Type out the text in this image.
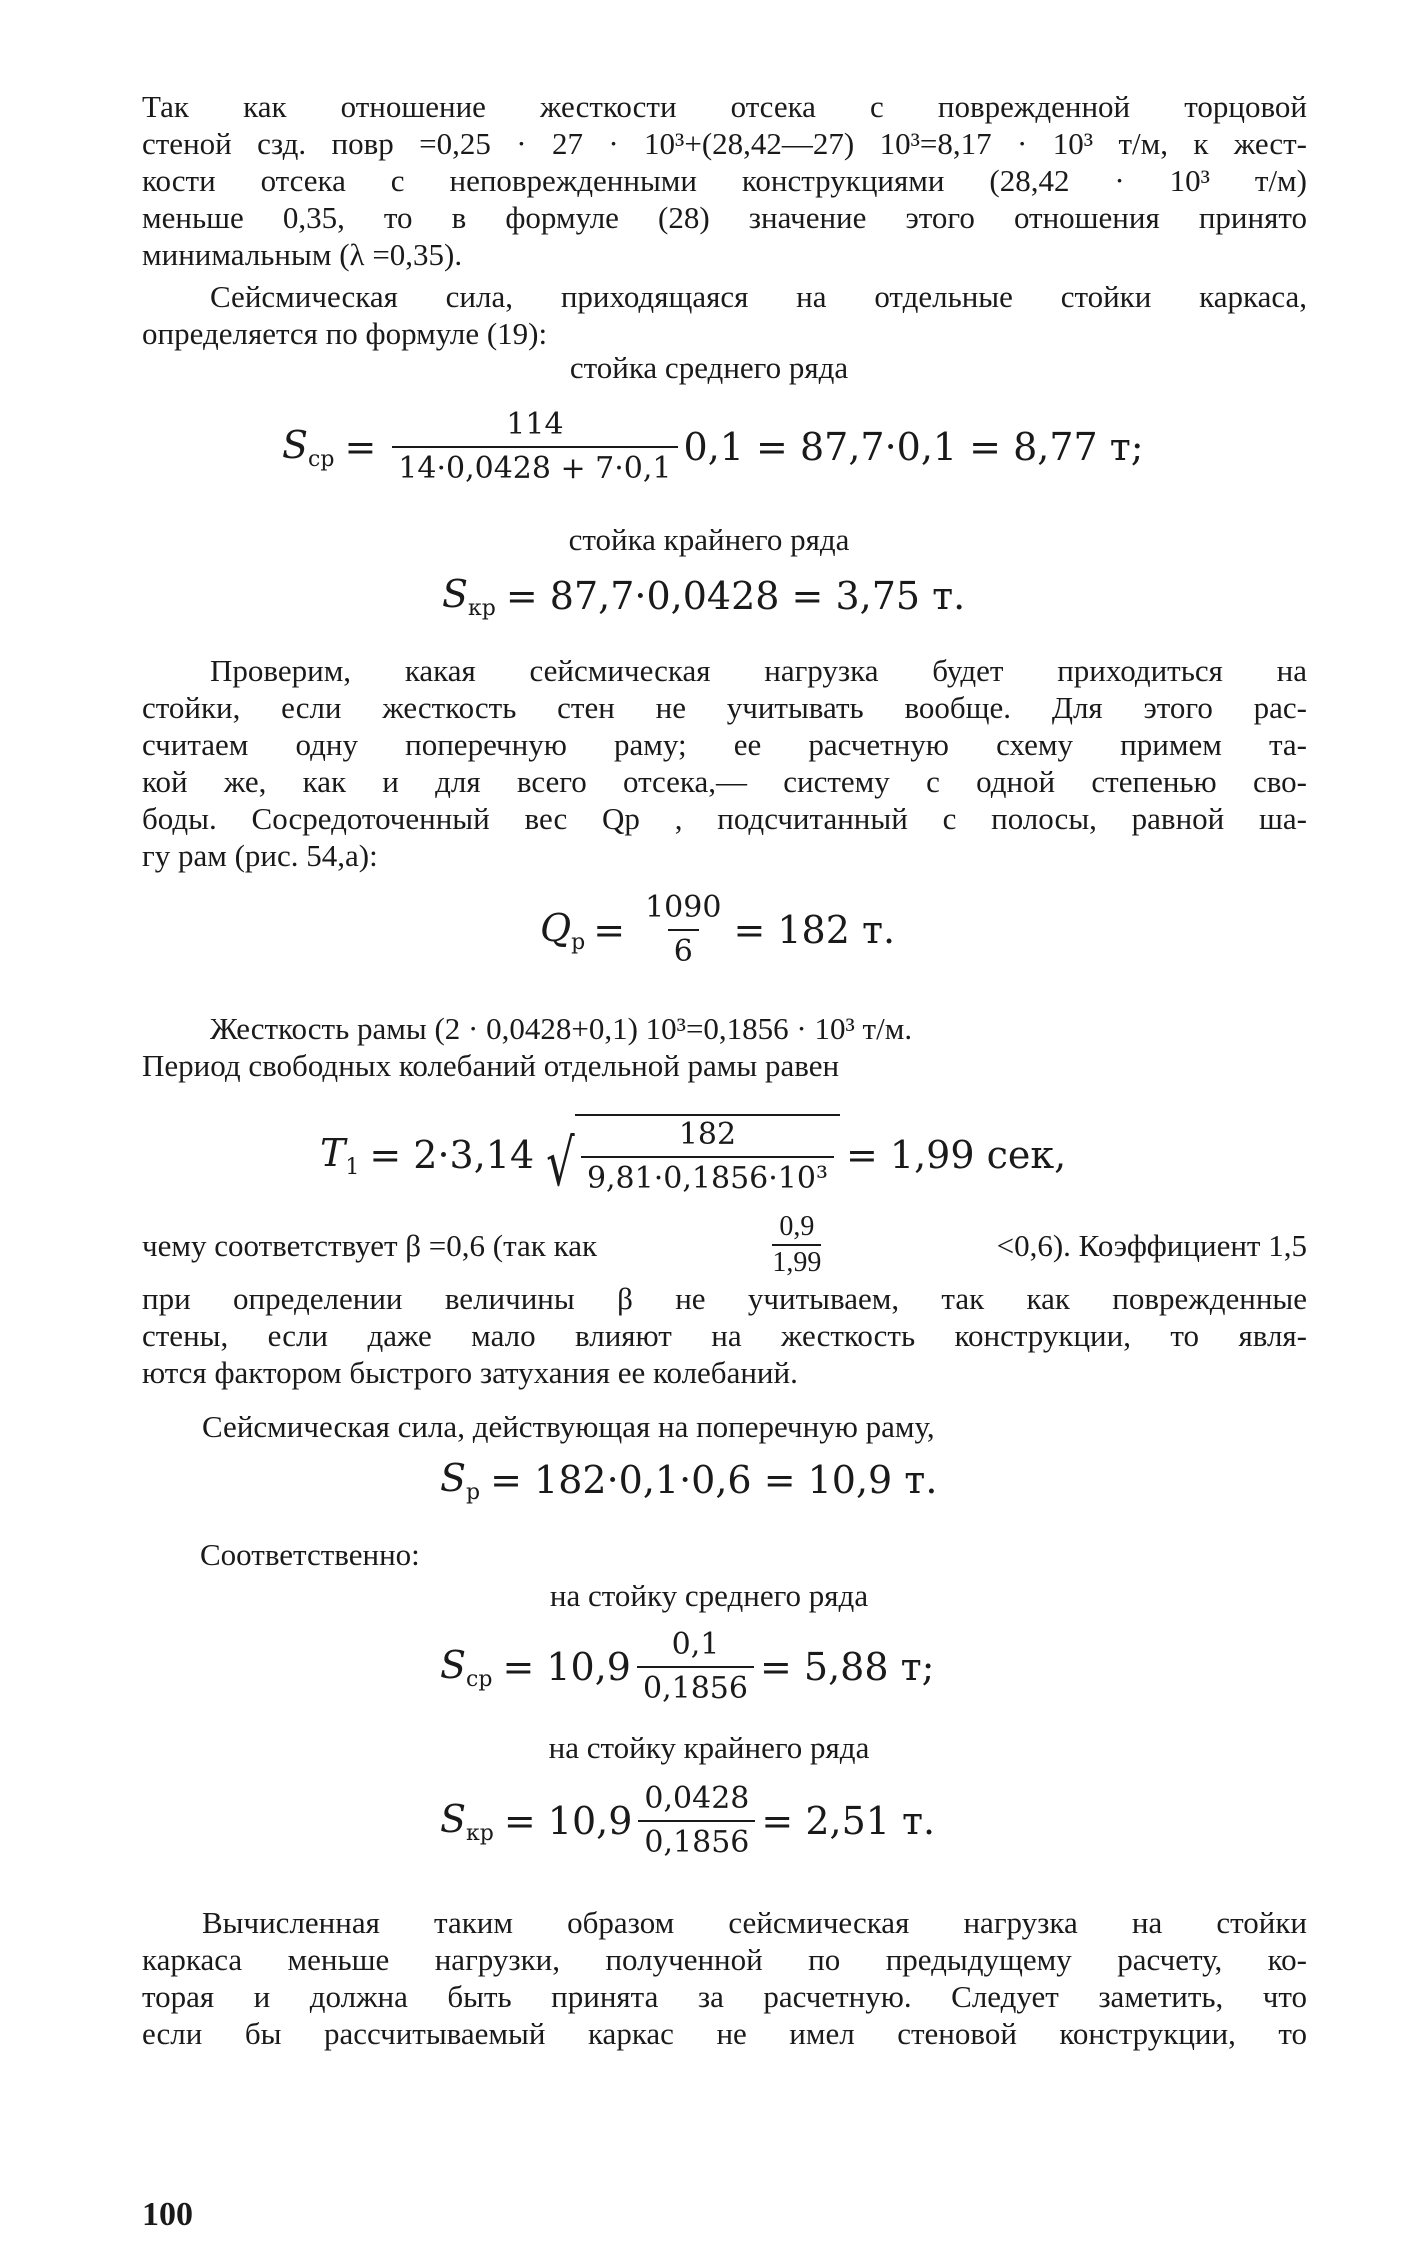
Так как отношение жесткости отсека с поврежденной торцовой
стеной cзд. повр =0,25 · 27 · 10³+(28,42—27) 10³=8,17 · 10³ т/м, к жест-
кости отсека с неповрежденными конструкциями (28,42 · 10³ т/м)
меньше 0,35, то в формуле (28) значение этого отношения принято
минимальным (λ =0,35).
Сейсмическая сила, приходящаяся на отдельные стойки каркаса,
определяется по формуле (19):
стойка среднего ряда
$S_{ср} = \frac{114}{14\cdot 0,0428 + 7\cdot 0,1} 0,1 = 87,7\cdot 0,1 = 8,77$ т;
стойка крайнего ряда
$S_{кр} = 87,7\cdot 0,0428 = 3,75$ т.
Проверим, какая сейсмическая нагрузка будет приходиться на
стойки, если жесткость стен не учитывать вообще. Для этого рас-
считаем одну поперечную раму; ее расчетную схему примем та-
кой же, как и для всего отсека,— систему с одной степенью сво-
боды. Сосредоточенный вес Qр , подсчитанный с полосы, равной ша-
гу рам (рис. 54,а):
$Q_р = \frac{1090}{6} = 182$ т.
Жесткость рамы (2 · 0,0428+0,1) 10³=0,1856 · 10³ т/м.
Период свободных колебаний отдельной рамы равен
$T_1 = 2\cdot 3,14$ √ $\frac{182}{\text{9,81·0,1856·10³}} = 1,99$ сек,
чему соответствует β =0,6 (так как	$\frac{0,9}{1,99}$	<0,6). Коэффициент 1,5
при определении величины β не учитываем, так как поврежденные
стены, если даже мало влияют на жесткость конструкции, то явля-
ются фактором быстрого затухания ее колебаний.
Сейсмическая сила, действующая на поперечную раму,
$S_р = 182\cdot 0,1\cdot 0,6 = 10,9$ т.
Соответственно:
на стойку среднего ряда
$S_{ср} = 10,9 \frac{0,1}{0,1856} = 5,88$ т;
на стойку крайнего ряда
$S_{кр} = 10,9 \frac{0,0428}{0,1856} = 2,51$ т.
Вычисленная таким образом сейсмическая нагрузка на стойки
каркаса меньше нагрузки, полученной по предыдущему расчету, ко-
торая и должна быть принята за расчетную. Следует заметить, что
если бы рассчитываемый каркас не имел стеновой конструкции, то
100
